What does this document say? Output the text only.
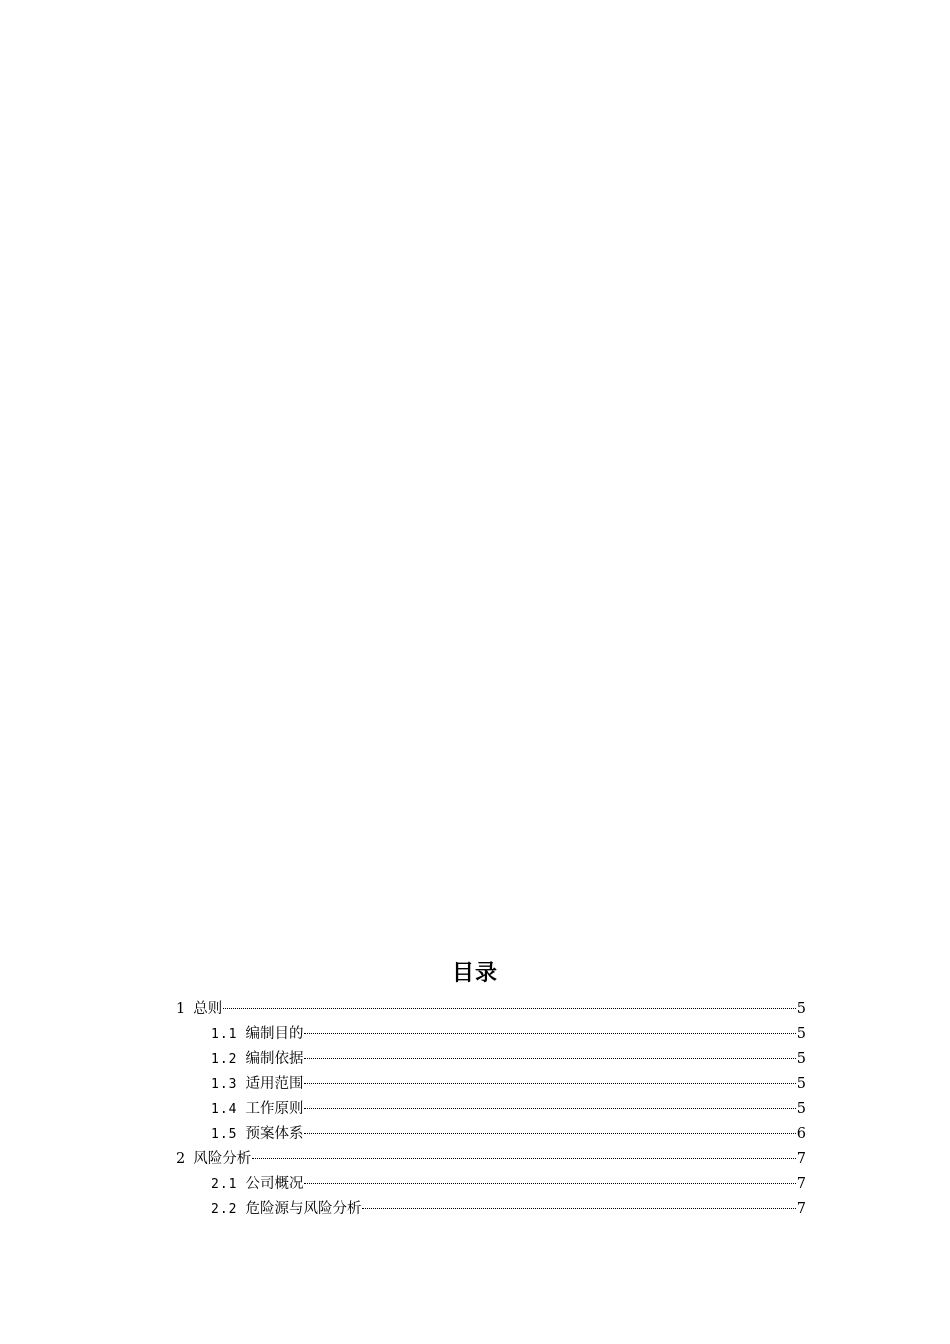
目录
1 总则	5
1.1 编制目的	5
1.2 编制依据	5
1.3 适用范围	5
1.4 工作原则	5
1.5 预案体系	6
2 风险分析	7
2.1 公司概况	7
2.2 危险源与风险分析	7
